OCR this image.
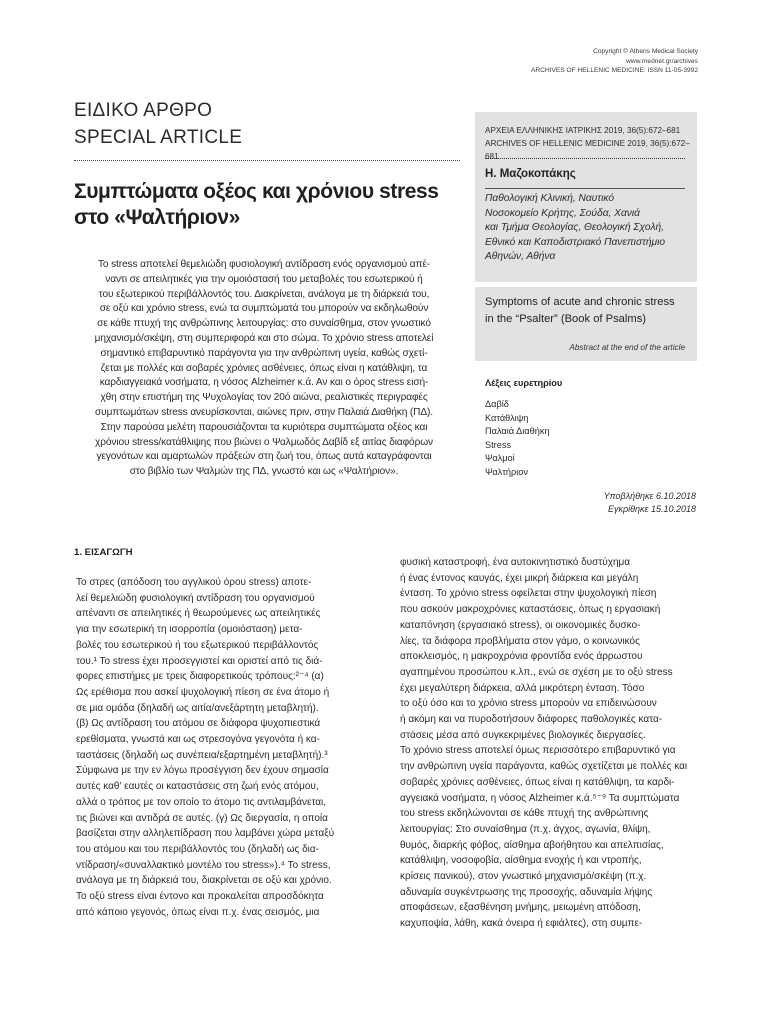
Copyright © Athens Medical Society
www.mednet.gr/archives
ARCHIVES OF HELLENIC MEDICINE: ISSN 11-05-3992
ΕΙΔΙΚΟ ΑΡΘΡΟ
SPECIAL ARTICLE
Συμπτώματα οξέος και χρόνιου stress
στο «Ψαλτήριον»

Το stress αποτελεί θεμελιώδη φυσιολογική αντίδραση ενός οργανισμού απέ-

ναντι σε απειλητικές για την ομοιόστασή του μεταβολές του εσωτερικού ή

του εξωτερικού περιβάλλοντός του. Διακρίνεται, ανάλογα με τη διάρκειά του,

σε οξύ και χρόνιο stress, ενώ τα συμπτώματά του μπορούν να εκδηλωθούν

σε κάθε πτυχή της ανθρώπινης λειτουργίας: στο συναίσθημα, στον γνωστικό

μηχανισμό/σκέψη, στη συμπεριφορά και στο σώμα. Το χρόνιο stress αποτελεί

σημαντικό επιβαρυντικό παράγοντα για την ανθρώπινη υγεία, καθώς σχετί-

ζεται με πολλές και σοβαρές χρόνιες ασθένειες, όπως είναι η κατάθλιψη, τα

καρδιαγγειακά νοσήματα, η νόσος Alzheimer κ.ά. Αν και ο όρος stress εισή-

χθη στην επιστήμη της Ψυχολογίας τον 20ό αιώνα, ρεαλιστικές περιγραφές

συμπτωμάτων stress ανευρίσκονται, αιώνες πριν, στην Παλαιά Διαθήκη (ΠΔ).

Στην παρούσα μελέτη παρουσιάζονται τα κυριότερα συμπτώματα οξέος και

χρόνιου stress/κατάθλιψης που βιώνει ο Ψαλμωδός Δαβίδ εξ αιτίας διαφόρων

γεγονότων και αμαρτωλών πράξεών στη ζωή του, όπως αυτά καταγράφονται

στο βιβλίο των Ψαλμών της ΠΔ, γνωστό και ως «Ψαλτήριον».

ΑΡΧΕΙΑ ΕΛΛΗΝΙΚΗΣ ΙΑΤΡΙΚΗΣ 2019, 36(5):672–681
ARCHIVES OF HELLENIC MEDICINE 2019, 36(5):672–681
Η. Μαζοκοπάκης
Παθολογική Κλινική, Ναυτικό
Νοσοκομείο Κρήτης, Σούδα, Χανιά
και Τμήμα Θεολογίας, Θεολογική Σχολή,
Εθνικό και Καποδιστριακό Πανεπιστήμιο
Αθηνών, Αθήνα
Symptoms of acute and chronic stress
in the “Psalter” (Book of Psalms)
Abstract at the end of the article
Λέξεις ευρετηρίου
Δαβίδ
Κατάθλιψη
Παλαιά Διαθήκη
Stress
Ψαλμοί
Ψαλτήριον
Υποβλήθηκε 6.10.2018
Εγκρίθηκε 15.10.2018
1. ΕΙΣΑΓΩΓΗ
Το στρες (απόδοση του αγγλικού όρου stress) αποτε-
λεί θεμελιώδη φυσιολογική αντίδραση του οργανισμού
απέναντι σε απειλητικές ή θεωρούμενες ως απειλητικές
για την εσωτερική τη ισορροπία (ομοιόσταση) μετα-
βολές του εσωτερικού ή του εξωτερικού περιβάλλοντός
του.¹ Το stress έχει προσεγγιστεί και οριστεί από τις διά-
φορες επιστήμες με τρεις διαφορετικούς τρόπους:²⁻⁴ (α)
Ως ερέθισμα που ασκεί ψυχολογική πίεση σε ένα άτομο ή
σε μια ομάδα (δηλαδή ως αιτία/ανεξάρτητη μεταβλητή).
(β) Ως αντίδραση του ατόμου σε διάφορα ψυχοπιεστικά
ερεθίσματα, γνωστά και ως στρεσογόνα γεγονότα ή κα-
ταστάσεις (δηλαδή ως συνέπεια/εξαρτημένη μεταβλητή).³
Σύμφωνα με την εν λόγω προσέγγιση δεν έχουν σημασία
αυτές καθ’ εαυτές οι καταστάσεις στη ζωή ενός ατόμου,
αλλά ο τρόπος με τον οποίο το άτομο τις αντιλαμβάνεται,
τις βιώνει και αντιδρά σε αυτές. (γ) Ως διεργασία, η οποία
βασίζεται στην αλληλεπίδραση που λαμβάνει χώρα μεταξύ
του ατόμου και του περιβάλλοντός του (δηλαδή ως δια-
ντίδραση/«συναλλακτικό μοντέλο του stress»).⁴ Το stress,
ανάλογα με τη διάρκειά του, διακρίνεται σε οξύ και χρόνιο.
Το οξύ stress είναι έντονο και προκαλείται απροσδόκητα
από κάποιο γεγονός, όπως είναι π.χ. ένας σεισμός, μια
φυσική καταστροφή, ένα αυτοκινητιστικό δυστύχημα
ή ένας έντονος καυγάς, έχει μικρή διάρκεια και μεγάλη
ένταση. Το χρόνιο stress οφείλεται στην ψυχολογική πίεση
που ασκούν μακροχρόνιες καταστάσεις, όπως η εργασιακή
καταπόνηση (εργασιακό stress), οι οικονομικές δυσκο-
λίες, τα διάφορα προβλήματα στον γάμο, ο κοινωνικός
αποκλεισμός, η μακροχρόνια φροντίδα ενός άρρωστου
αγαπημένου προσώπου κ.λπ., ενώ σε σχέση με το οξύ stress
έχει μεγαλύτερη διάρκεια, αλλά μικρότερη ένταση. Τόσο
το οξύ όσο και το χρόνιο stress μπορούν να επιδεινώσουν
ή ακόμη και να πυροδοτήσουν διάφορες παθολογικές κατα-
στάσεις μέσα από συγκεκριμένες βιολογικές διεργασίες.
Το χρόνιο stress αποτελεί όμως περισσότερο επιβαρυντικό για
την ανθρώπινη υγεία παράγοντα, καθώς σχετίζεται με πολλές και
σοβαρές χρόνιες ασθένειες, όπως είναι η κατάθλιψη, τα καρδι-
αγγειακά νοσήματα, η νόσος Alzheimer κ.ά.⁵⁻⁹ Τα συμπτώματα
του stress εκδηλώνονται σε κάθε πτυχή της ανθρώπινης
λειτουργίας: Στο συναίσθημα (π.χ. άγχος, αγωνία, θλίψη,
θυμός, διαρκής φόβος, αίσθημα αβοήθητου και απελπισίας,
κατάθλιψη, νοσοφοβία, αίσθημα ενοχής ή και ντροπής,
κρίσεις πανικού), στον γνωστικό μηχανισμό/σκέψη (π.χ.
αδυναμία συγκέντρωσης της προσοχής, αδυναμία λήψης
αποφάσεων, εξασθένηση μνήμης, μειωμένη απόδοση,
καχυποψία, λάθη, κακά όνειρα ή εφιάλτες), στη συμπε-
